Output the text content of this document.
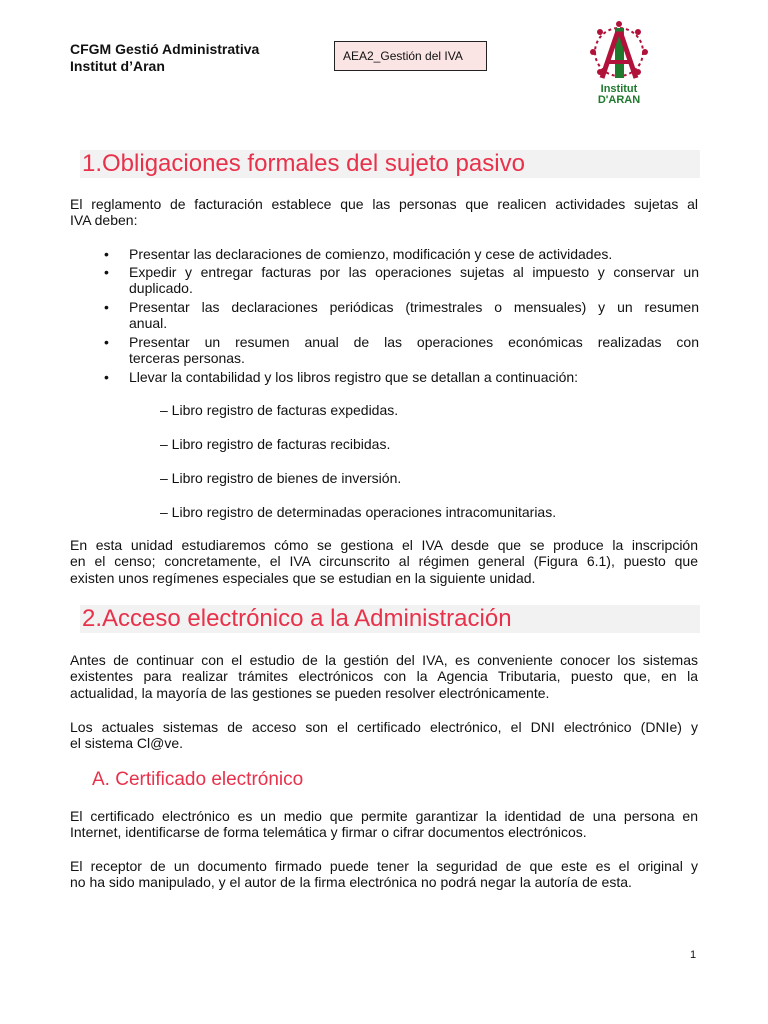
CFGM Gestió Administrativa
Institut d’Aran
AEA2_Gestión del IVA
Institut
D'ARAN
1.Obligaciones formales del sujeto pasivo
El reglamento de facturación establece que las personas que realicen actividades sujetas al
IVA deben:
• Presentar las declaraciones de comienzo, modificación y cese de actividades.
• Expedir y entregar facturas por las operaciones sujetas al impuesto y conservar un
duplicado.
• Presentar las declaraciones periódicas (trimestrales o mensuales) y un resumen
anual.
• Presentar un resumen anual de las operaciones económicas realizadas con
terceras personas.
• Llevar la contabilidad y los libros registro que se detallan a continuación:
– Libro registro de facturas expedidas.
– Libro registro de facturas recibidas.
– Libro registro de bienes de inversión.
– Libro registro de determinadas operaciones intracomunitarias.
En esta unidad estudiaremos cómo se gestiona el IVA desde que se produce la inscripción
en el censo; concretamente, el IVA circunscrito al régimen general (Figura 6.1), puesto que
existen unos regímenes especiales que se estudian en la siguiente unidad.
2.Acceso electrónico a la Administración
Antes de continuar con el estudio de la gestión del IVA, es conveniente conocer los sistemas
existentes para realizar trámites electrónicos con la Agencia Tributaria, puesto que, en la
actualidad, la mayoría de las gestiones se pueden resolver electrónicamente.
Los actuales sistemas de acceso son el certificado electrónico, el DNI electrónico (DNIe) y
el sistema Cl@ve.
A. Certificado electrónico
El certificado electrónico es un medio que permite garantizar la identidad de una persona en
Internet, identificarse de forma telemática y firmar o cifrar documentos electrónicos.
El receptor de un documento firmado puede tener la seguridad de que este es el original y
no ha sido manipulado, y el autor de la firma electrónica no podrá negar la autoría de esta.
1
